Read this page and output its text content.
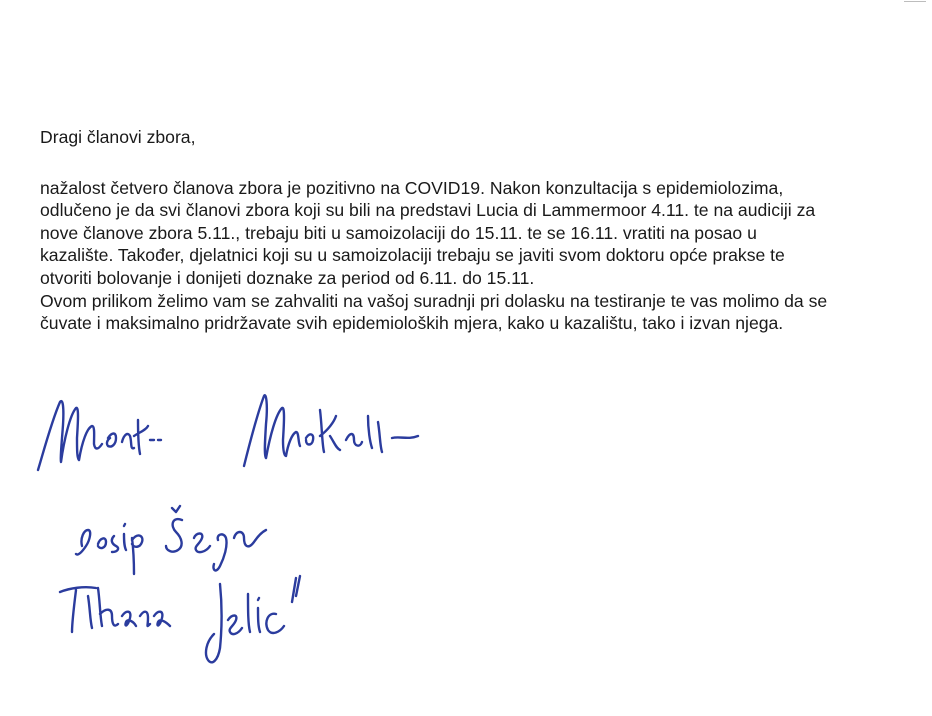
Dragi članovi zbora,
nažalost četvero članova zbora je pozitivno na COVID19. Nakon konzultacija s epidemiolozima,
odlučeno je da svi članovi zbora koji su bili na predstavi Lucia di Lammermoor 4.11. te na audiciji za
nove članove zbora 5.11., trebaju biti u samoizolaciji do 15.11. te se 16.11. vratiti na posao u
kazalište. Također, djelatnici koji su u samoizolaciji trebaju se javiti svom doktoru opće prakse te
otvoriti bolovanje i donijeti doznake za period od 6.11. do 15.11.
Ovom prilikom želimo vam se zahvaliti na vašoj suradnji pri dolasku na testiranje te vas molimo da se
čuvate i maksimalno pridržavate svih epidemioloških mjera, kako u kazalištu, tako i izvan njega.
